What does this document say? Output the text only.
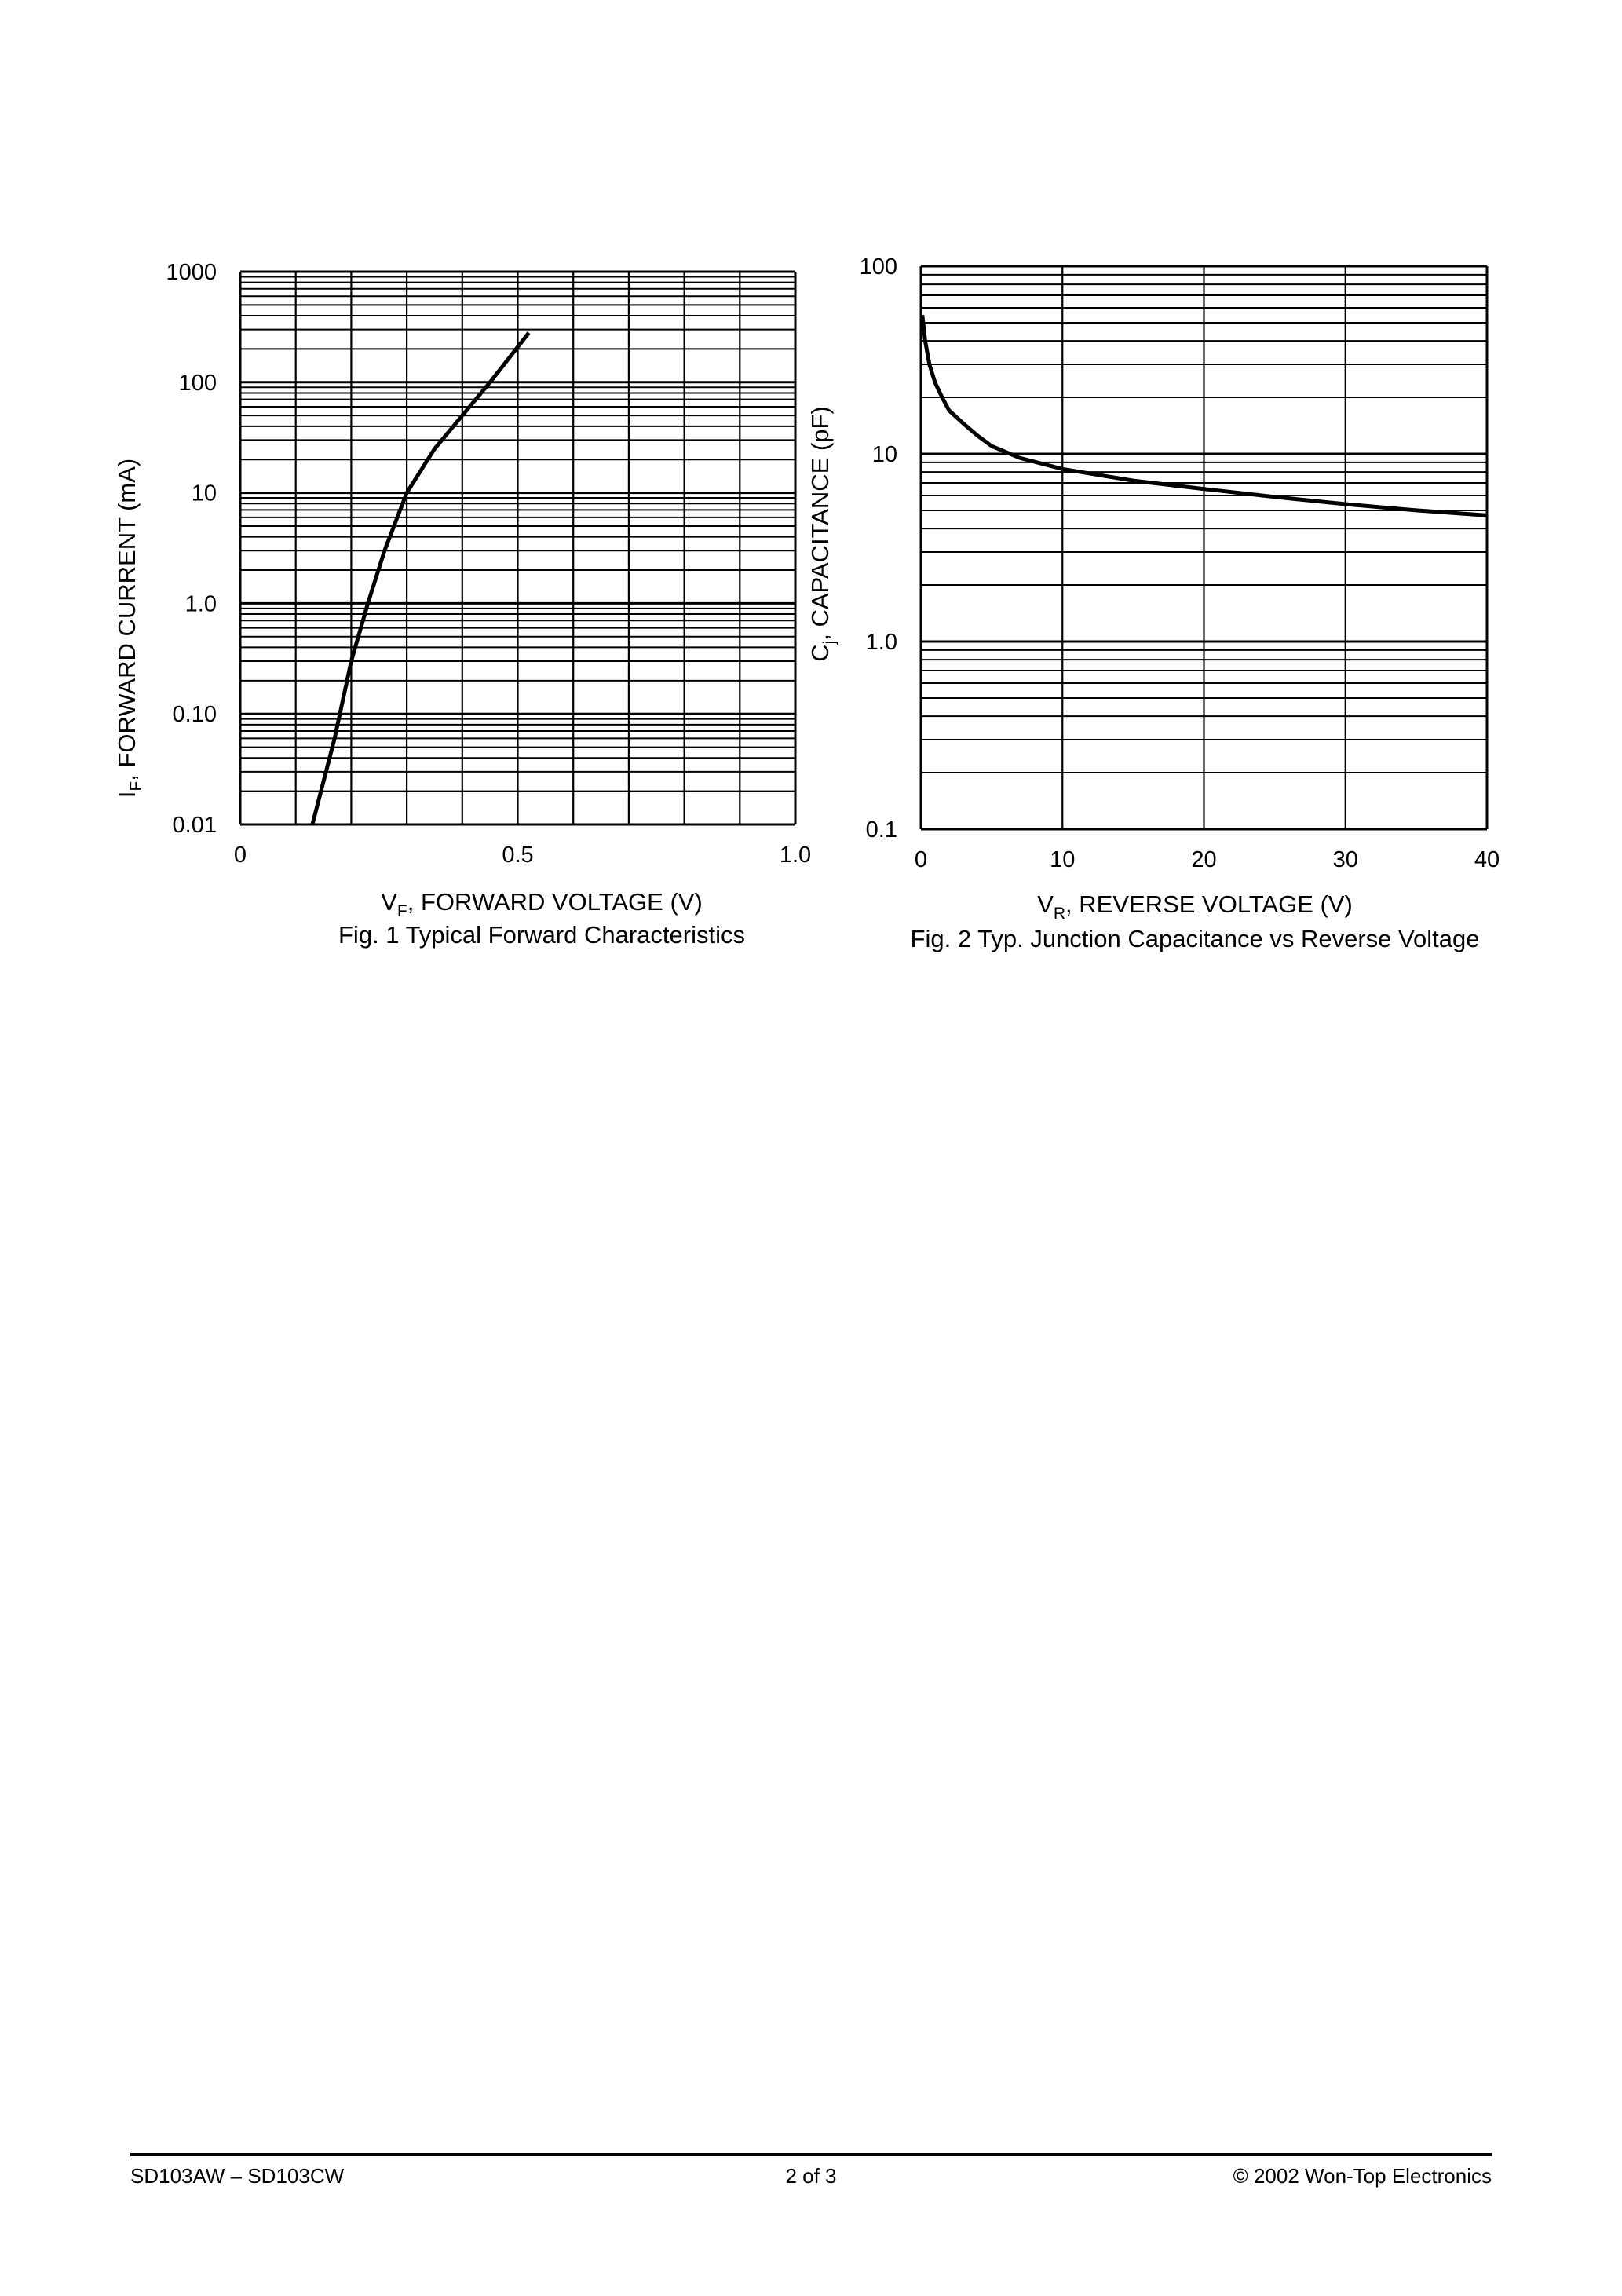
0	0.5	1.0
0.01
0.10
1.0
10
100
1000
$V_F$, FORWARD VOLTAGE (V)
Fig. 1 Typical Forward Characteristics
$I_F$, FORWARD CURRENT (mA)
0	10	20	30	40
0.1
1.0
10
100
$V_R$, REVERSE VOLTAGE (V)
Fig. 2 Typ. Junction Capacitance vs Reverse Voltage
$C_j$, CAPACITANCE (pF)
SD103AW – SD103CW	2 of 3	© 2002 Won-Top Electronics
